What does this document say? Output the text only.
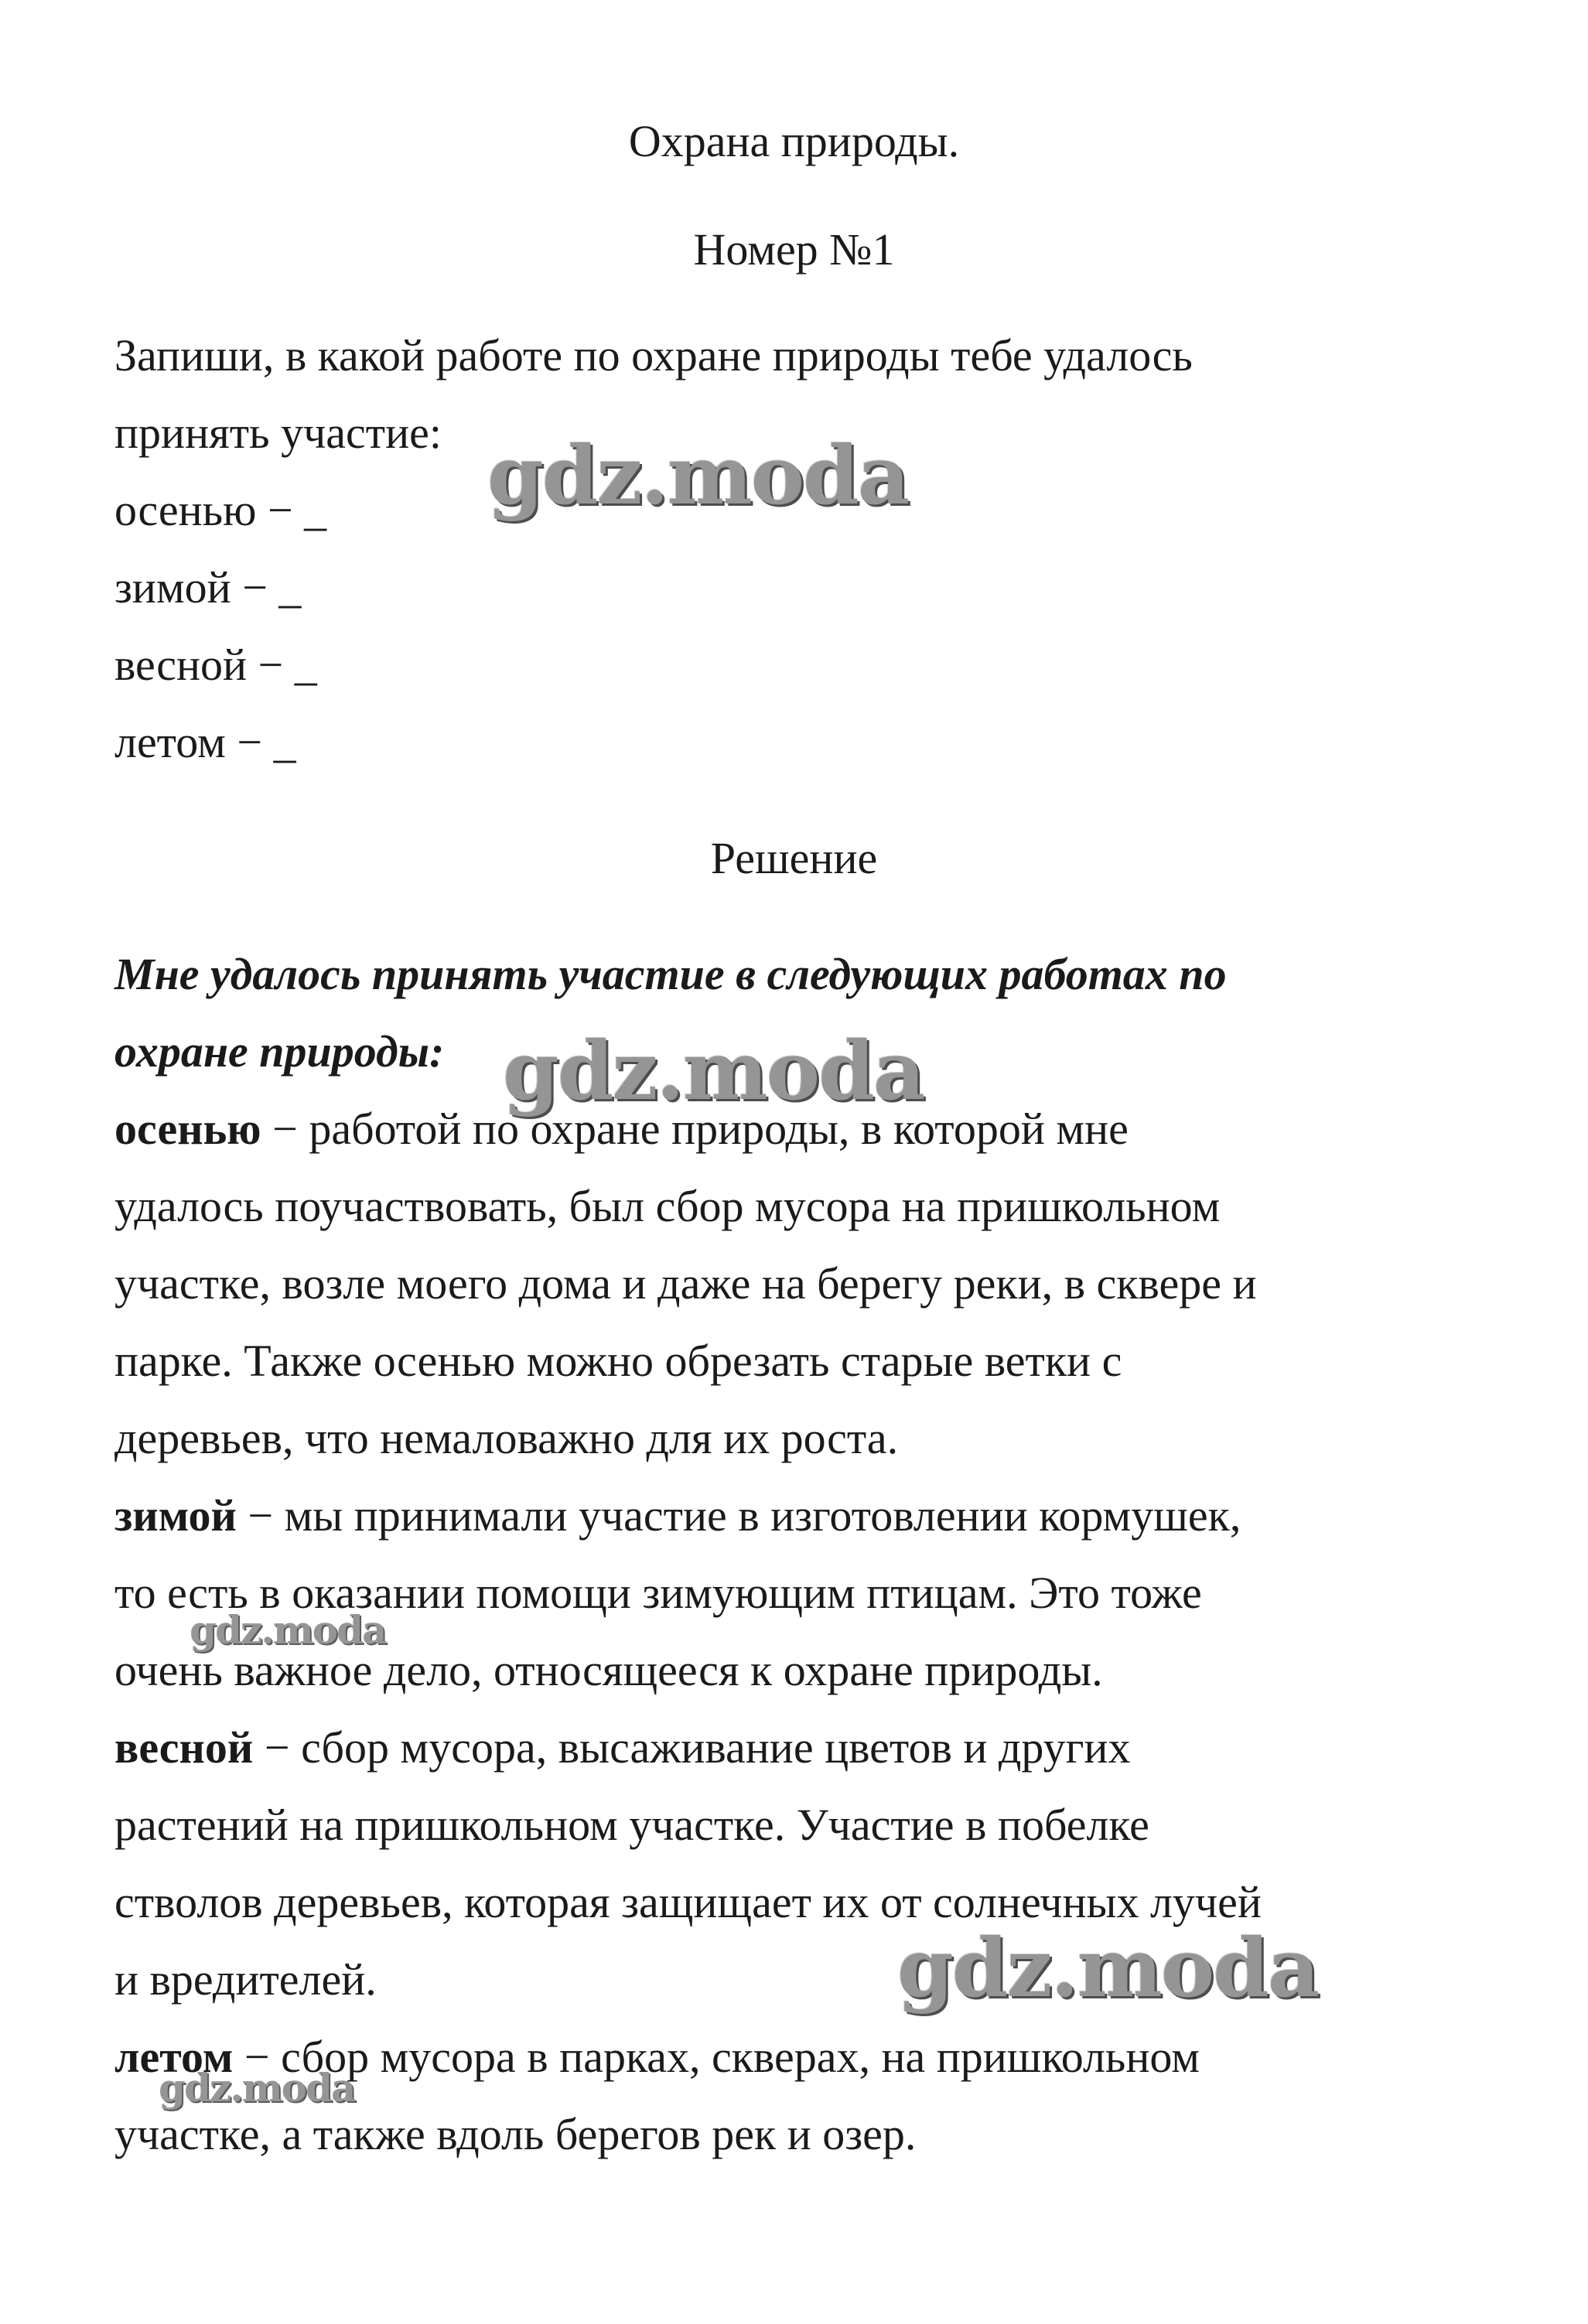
Охрана природы.
Номер №1
Запиши, в какой работе по охране природы тебе удалось
принять участие:
осенью − _
зимой − _
весной − _
летом − _
Решение
Мне удалось принять участие в следующих работах по
охране природы:
осенью − работой по охране природы, в которой мне
удалось поучаствовать, был сбор мусора на пришкольном
участке, возле моего дома и даже на берегу реки, в сквере и
парке. Также осенью можно обрезать старые ветки с
деревьев, что немаловажно для их роста.
зимой − мы принимали участие в изготовлении кормушек,
то есть в оказании помощи зимующим птицам. Это тоже
очень важное дело, относящееся к охране природы.
весной − сбор мусора, высаживание цветов и других
растений на пришкольном участке. Участие в побелке
стволов деревьев, которая защищает их от солнечных лучей
и вредителей.
летом − сбор мусора в парках, скверах, на пришкольном
участке, а также вдоль берегов рек и озер.
gdz.moda
gdz.moda
gdz.moda
gdz.moda
gdz.moda
